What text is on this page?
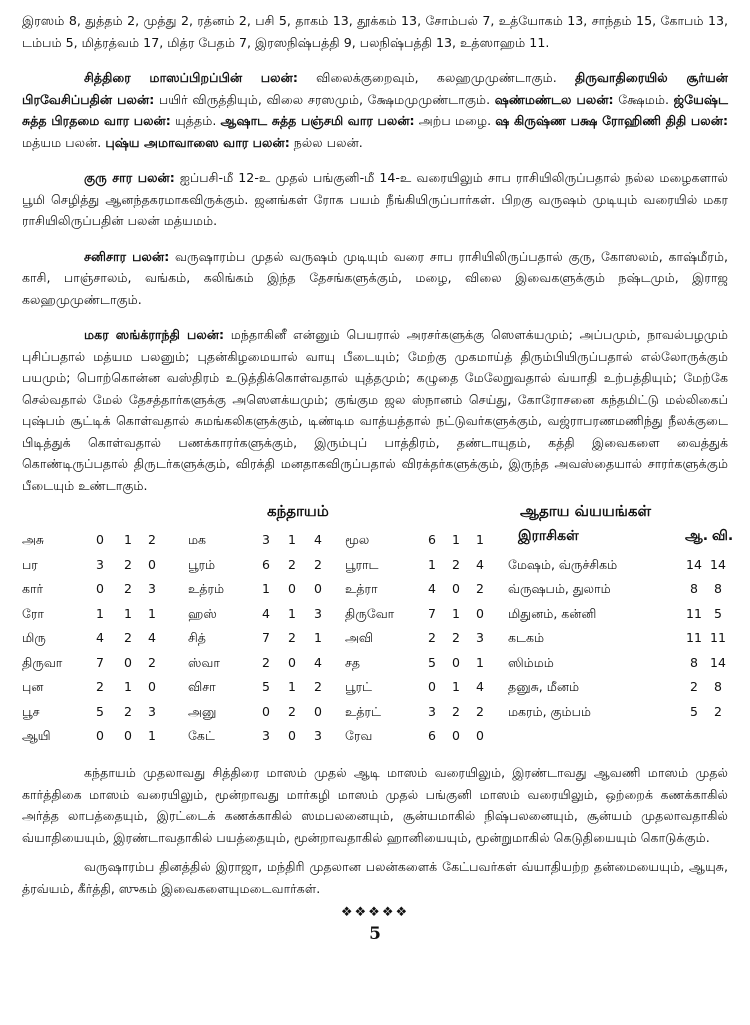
இரஸம் 8, துத்தம் 2, முத்து 2, ரத்னம் 2, பசி 5, தாகம் 13, தூக்கம் 13, சோம்பல் 7, உத்யோகம் 13, சாந்தம் 15, கோபம் 13, டம்பம் 5, மித்ரத்வம் 17, மித்ர பேதம் 7, இரஸநிஷ்பத்தி 9, பலநிஷ்பத்தி 13, உத்ஸாஹம் 11.

சித்திரை மாஸப்பிறப்பின் பலன்: விலைக்குறைவும், கலஹமுமுண்டாகும். திருவாதிரையில் சூர்யன் பிரவேசிப்பதின் பலன்: பயிர் விருத்தியும், விலை சரஸமும், க்ஷேமமுமுண்டாகும். ஷண்மண்டல பலன்: க்ஷேமம். ஜ்யேஷ்ட சுத்த பிரதமை வார பலன்: யுத்தம். ஆஷாட சுத்த பஞ்சமி வார பலன்: அற்ப மழை. ஷ கிருஷ்ண பக்ஷ ரோஹிணி திதி பலன்: மத்யம பலன். புஷ்ய அமாவாஸை வார பலன்: நல்ல பலன்.

குரு சார பலன்: ஐப்பசி-மீ 12-உ முதல் பங்குனி-மீ 14-உ வரையிலும் சாப ராசியிலிருப்பதால் நல்ல மழைகளால் பூமி செழித்து ஆனந்தகரமாகவிருக்கும். ஜனங்கள் ரோக பயம் நீங்கியிருப்பார்கள். பிறகு வருஷம் முடியும் வரையில் மகர ராசியிலிருப்பதின் பலன் மத்யமம்.

சனிசார பலன்: வருஷாரம்ப முதல் வருஷம் முடியும் வரை சாப ராசியிலிருப்பதால் குரு, கோஸலம், காஷ்மீரம், காசி, பாஞ்சாலம், வங்கம், கலிங்கம் இந்த தேசங்களுக்கும், மழை, விலை இவைகளுக்கும் நஷ்டமும், இராஜ கலஹமுமுண்டாகும்.

மகர ஸங்க்ராந்தி பலன்: மந்தாகினீ என்னும் பெயரால் அரசர்களுக்கு ஸௌக்யமும்; அப்பமும், நாவல்பழமும் புசிப்பதால் மத்யம பலனும்; புதன்கிழமையால் வாயு பீடையும்; மேற்கு முகமாய்த் திரும்பியிருப்பதால் எல்லோருக்கும் பயமும்; பொற்கொன்ன வஸ்திரம் உடுத்திக்கொள்வதால் யுத்தமும்; கழுதை மேலேறுவதால் வ்யாதி உற்பத்தியும்; மேற்கே செல்வதால் மேல் தேசத்தார்களுக்கு அஸௌக்யமும்; குங்கும ஜல ஸ்நானம் செய்து, கோரோசனை கந்தமிட்டு மல்லிகைப் புஷ்பம் சூட்டிக் கொள்வதால் சுமங்கலிகளுக்கும், டிண்டிம வாத்யத்தால் நட்டுவர்களுக்கும், வஜ்ராபரணமணிந்து நீலக்குடை பிடித்துக் கொள்வதால் பணக்காரர்களுக்கும், இரும்புப் பாத்திரம், தண்டாயுதம், கத்தி இவைகளை வைத்துக் கொண்டிருப்பதால் திருடர்களுக்கும், விரக்தி மனதாகவிருப்பதால் விரக்தர்களுக்கும், இருந்த அவஸ்தையால் சாரர்களுக்கும் பீடையும் உண்டாகும்.

கந்தாயம்	ஆதாய வ்யயங்கள்
அசு	0	1	2	மக	3	1	4	மூல	6	1	1
பர	3	2	0	பூரம்	6	2	2	பூராட	1	2	4
கார்	0	2	3	உத்ரம்	1	0	0	உத்ரா	4	0	2
ரோ	1	1	1	ஹஸ்	4	1	3	திருவோ	7	1	0
மிரு	4	2	4	சித்	7	2	1	அவி	2	2	3
திருவா	7	0	2	ஸ்வா	2	0	4	சத	5	0	1
புன	2	1	0	விசா	5	1	2	பூரட்	0	1	4
பூச	5	2	3	அனு	0	2	0	உத்ரட்	3	2	2
ஆயி	0	0	1	கேட்	3	0	3	ரேவ	6	0	0
இராசிகள்	ஆ. வி.
மேஷம், வ்ருச்சிகம்	14 14
வ்ருஷபம், துலாம்	8	8
மிதுனம், கன்னி	11 5
கடகம்	11 11
ஸிம்மம்	8 14
தனுசு, மீனம்	2	8
மகரம், கும்பம்	5	2

கந்தாயம் முதலாவது சித்திரை மாஸம் முதல் ஆடி மாஸம் வரையிலும், இரண்டாவது ஆவணி மாஸம் முதல் கார்த்திகை மாஸம் வரையிலும், மூன்றாவது மார்கழி மாஸம் முதல் பங்குனி மாஸம் வரையிலும், ஒற்றைக் கணக்காகில் அர்த்த லாபத்தையும், இரட்டைக் கணக்காகில் ஸமபலனையும், சூன்யமாகில் நிஷ்பலனையும், சூன்யம் முதலாவதாகில் வ்யாதியையும், இரண்டாவதாகில் பயத்தையும், மூன்றாவதாகில் ஹானியையும், மூன்றுமாகில் கெடுதியையும் கொடுக்கும்.

வருஷாரம்ப தினத்தில் இராஜா, மந்திரி முதலான பலன்களைக் கேட்பவர்கள் வ்யாதியற்ற தன்மையையும், ஆயுசு, த்ரவ்யம், கீர்த்தி, ஸுகம் இவைகளையுமடைவார்கள்.

❖❖❖❖❖
5
